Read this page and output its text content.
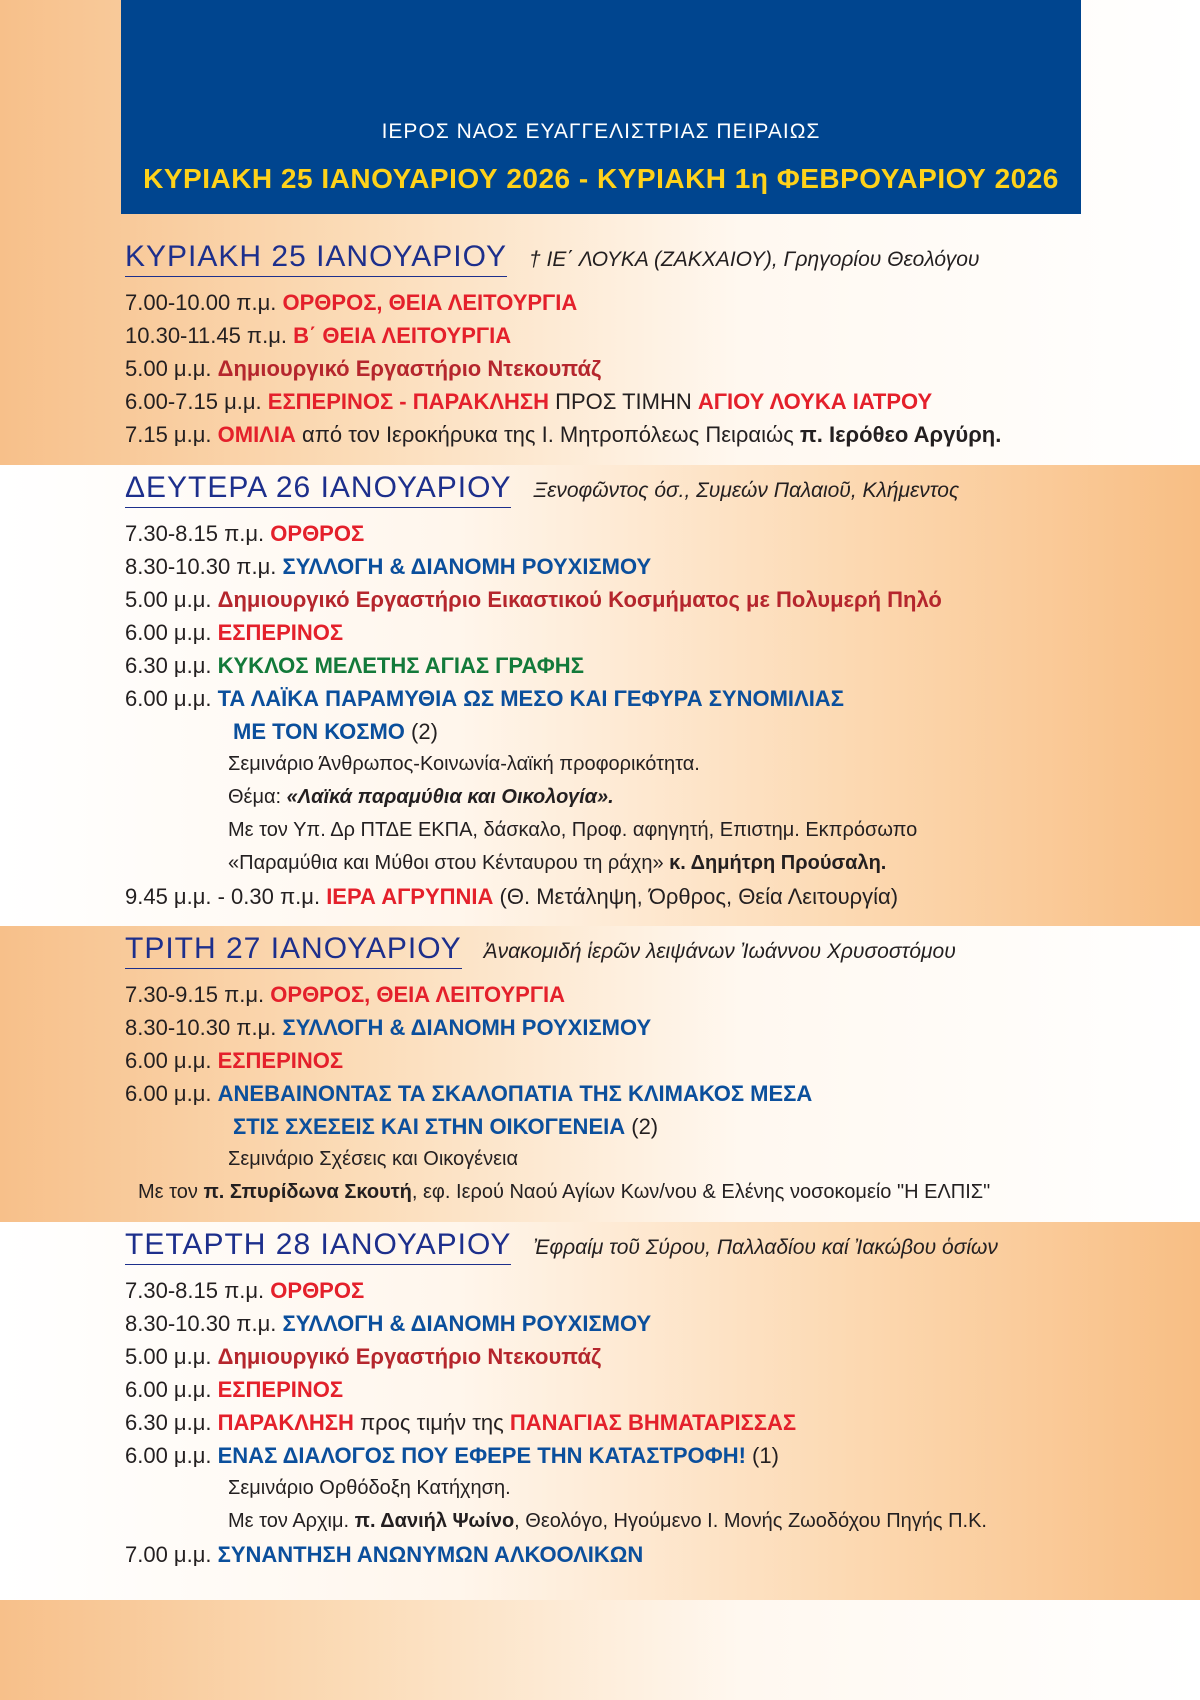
ΙΕΡΟΣ ΝΑΟΣ ΕΥΑΓΓΕΛΙΣΤΡΙΑΣ ΠΕΙΡΑΙΩΣ
ΚΥΡΙΑΚΗ 25 ΙΑΝΟΥΑΡΙΟΥ 2026 - ΚΥΡΙΑΚΗ 1η ΦΕΒΡΟΥΑΡΙΟΥ 2026
ΚΥΡΙΑΚΗ 25 ΙΑΝΟΥΑΡΙΟΥ † ΙΕ΄ ΛΟΥΚΑ (ΖΑΚΧΑΙΟΥ), Γρηγορίου Θεολόγου
7.00-10.00 π.μ. ΟΡΘΡΟΣ, ΘΕΙΑ ΛΕΙΤΟΥΡΓΙΑ
10.30-11.45 π.μ. Β΄ ΘΕΙΑ ΛΕΙΤΟΥΡΓΙΑ
5.00 μ.μ. Δημιουργικό Εργαστήριο Ντεκουπάζ
6.00-7.15 μ.μ. ΕΣΠΕΡΙΝΟΣ - ΠΑΡΑΚΛΗΣΗ ΠΡΟΣ ΤΙΜΗΝ ΑΓΙΟΥ ΛΟΥΚΑ ΙΑΤΡΟΥ
7.15 μ.μ. ΟΜΙΛΙΑ από τον Ιεροκήρυκα της Ι. Μητροπόλεως Πειραιώς π. Ιερόθεο Αργύρη.
ΔΕΥΤΕΡΑ 26 ΙΑΝΟΥΑΡΙΟΥ Ξενοφῶντος όσ., Συμεών Παλαιοῦ, Κλήμεντος
7.30-8.15 π.μ. ΟΡΘΡΟΣ
8.30-10.30 π.μ. ΣΥΛΛΟΓΗ & ΔΙΑΝΟΜΗ ΡΟΥΧΙΣΜΟΥ
5.00 μ.μ. Δημιουργικό Εργαστήριο Εικαστικού Κοσμήματος με Πολυμερή Πηλό
6.00 μ.μ. ΕΣΠΕΡΙΝΟΣ
6.30 μ.μ. ΚΥΚΛΟΣ ΜΕΛΕΤΗΣ ΑΓΙΑΣ ΓΡΑΦΗΣ
6.00 μ.μ. ΤΑ ΛΑΪΚΑ ΠΑΡΑΜΥΘΙΑ ΩΣ ΜΕΣΟ ΚΑΙ ΓΕΦΥΡΑ ΣΥΝΟΜΙΛΙΑΣ
ΜΕ ΤΟΝ ΚΟΣΜΟ (2)
Σεμινάριο Άνθρωπος-Κοινωνία-λαϊκή προφορικότητα.
Θέμα: «Λαϊκά παραμύθια και Οικολογία».
Με τον Υπ. Δρ ΠΤΔΕ ΕΚΠΑ, δάσκαλο, Προφ. αφηγητή, Επιστημ. Εκπρόσωπο
«Παραμύθια και Μύθοι στου Κένταυρου τη ράχη» κ. Δημήτρη Προύσαλη.
9.45 μ.μ. - 0.30 π.μ. ΙΕΡΑ ΑΓΡΥΠΝΙΑ (Θ. Μετάληψη, Όρθρος, Θεία Λειτουργία)
ΤΡΙΤΗ 27 ΙΑΝΟΥΑΡΙΟΥ Ἀνακομιδή ἱερῶν λειψάνων Ἰωάννου Χρυσοστόμου
7.30-9.15 π.μ. ΟΡΘΡΟΣ, ΘΕΙΑ ΛΕΙΤΟΥΡΓΙΑ
8.30-10.30 π.μ. ΣΥΛΛΟΓΗ & ΔΙΑΝΟΜΗ ΡΟΥΧΙΣΜΟΥ
6.00 μ.μ. ΕΣΠΕΡΙΝΟΣ
6.00 μ.μ. ΑΝΕΒΑΙΝΟΝΤΑΣ ΤΑ ΣΚΑΛΟΠΑΤΙΑ ΤΗΣ ΚΛΙΜΑΚΟΣ ΜΕΣΑ
ΣΤΙΣ ΣΧΕΣΕΙΣ ΚΑΙ ΣΤΗΝ ΟΙΚΟΓΕΝΕΙΑ (2)
Σεμινάριο Σχέσεις και Οικογένεια
Με τον π. Σπυρίδωνα Σκουτή, εφ. Ιερού Ναού Αγίων Κων/νου & Ελένης νοσοκομείο "Η ΕΛΠΙΣ"
ΤΕΤΑΡΤΗ 28 ΙΑΝΟΥΑΡΙΟΥ Ἐφραίμ τοῦ Σύρου, Παλλαδίου καί Ἰακώβου ὁσίων
7.30-8.15 π.μ. ΟΡΘΡΟΣ
8.30-10.30 π.μ. ΣΥΛΛΟΓΗ & ΔΙΑΝΟΜΗ ΡΟΥΧΙΣΜΟΥ
5.00 μ.μ. Δημιουργικό Εργαστήριο Ντεκουπάζ
6.00 μ.μ. ΕΣΠΕΡΙΝΟΣ
6.30 μ.μ. ΠΑΡΑΚΛΗΣΗ προς τιμήν της ΠΑΝΑΓΙΑΣ ΒΗΜΑΤΑΡΙΣΣΑΣ
6.00 μ.μ. ΕΝΑΣ ΔΙΑΛΟΓΟΣ ΠΟΥ ΕΦΕΡΕ ΤΗΝ ΚΑΤΑΣΤΡΟΦΗ! (1)
Σεμινάριο Ορθόδοξη Κατήχηση.
Με τον Αρχιμ. π. Δανιήλ Ψωίνο, Θεολόγο, Ηγούμενο Ι. Μονής Ζωοδόχου Πηγής Π.Κ.
7.00 μ.μ. ΣΥΝΑΝΤΗΣΗ ΑΝΩΝΥΜΩΝ ΑΛΚΟΟΛΙΚΩΝ
